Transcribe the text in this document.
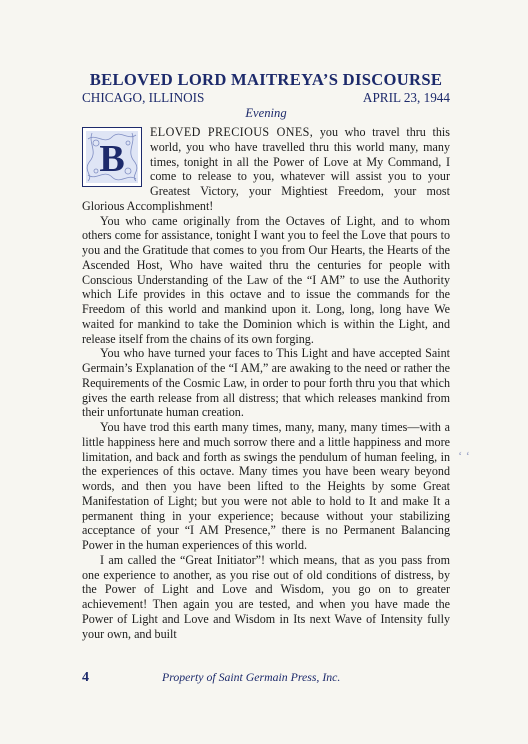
BELOVED LORD MAITREYA’S DISCOURSE
CHICAGO, ILLINOIS	APRIL 23, 1944
Evening
B

ELOVED PRECIOUS ONES, you who travel thru this world, you who have travelled thru this world many, many times, tonight in all the Power of Love at My Command, I come to release to you, whatever will assist you to your Greatest Victory, your Mightiest Freedom, your most Glorious Accomplishment!

You who came originally from the Octaves of Light, and to whom others come for assistance, tonight I want you to feel the Love that pours to you and the Gratitude that comes to you from Our Hearts, the Hearts of the Ascended Host, Who have waited thru the centuries for people with Conscious Understanding of the Law of the “I AM” to use the Authority which Life provides in this octave and to issue the commands for the Freedom of this world and mankind upon it. Long, long, long have We waited for mankind to take the Dominion which is within the Light, and release itself from the chains of its own forging.

You who have turned your faces to This Light and have accepted Saint Germain’s Explanation of the “I AM,” are awaking to the need or rather the Requirements of the Cosmic Law, in order to pour forth thru you that which gives the earth release from all distress; that which releases mankind from their unfortunate human creation.

You have trod this earth many times, many, many, many times—with a little happiness here and much sorrow there and a little happiness and more limitation, and back and forth as swings the pendulum of human feeling, in the experiences of this octave. Many times you have been weary beyond words, and then you have been lifted to the Heights by some Great Manifestation of Light; but you were not able to hold to It and make It a permanent thing in your experience; because without your stabilizing acceptance of your “I AM Presence,” there is no Permanent Balancing Power in the human experiences of this world.

I am called the “Great Initiator”! which means, that as you pass from one experience to another, as you rise out of old conditions of distress, by the Power of Light and Love and Wisdom, you go on to greater achievement! Then again you are tested, and when you have made the Power of Light and Love and Wisdom in Its next Wave of Intensity fully your own, and built

‘ ‘
4	Property of Saint Germain Press, Inc.
